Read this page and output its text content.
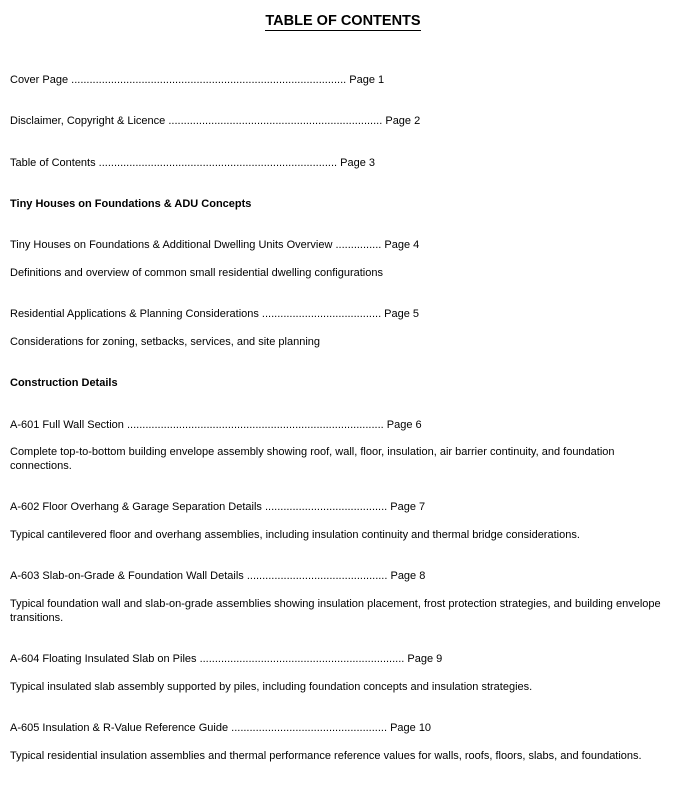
TABLE OF CONTENTS
Cover Page .......................................................................................... Page 1
Disclaimer, Copyright & Licence ...................................................................... Page 2
Table of Contents .............................................................................. Page 3
Tiny Houses on Foundations & ADU Concepts
Tiny Houses on Foundations & Additional Dwelling Units Overview ............... Page 4
Definitions and overview of common small residential dwelling configurations
Residential Applications & Planning Considerations ....................................... Page 5
Considerations for zoning, setbacks, services, and site planning
Construction Details
A-601 Full Wall Section .................................................................................... Page 6
Complete top-to-bottom building envelope assembly showing roof, wall, floor, insulation, air barrier continuity, and foundation connections.
A-602 Floor Overhang & Garage Separation Details ........................................ Page 7
Typical cantilevered floor and overhang assemblies, including insulation continuity and thermal bridge considerations.
A-603 Slab-on-Grade & Foundation Wall Details .............................................. Page 8
Typical foundation wall and slab-on-grade assemblies showing insulation placement, frost protection strategies, and building envelope transitions.
A-604 Floating Insulated Slab on Piles ................................................................... Page 9
Typical insulated slab assembly supported by piles, including foundation concepts and insulation strategies.
A-605 Insulation & R-Value Reference Guide ................................................... Page 10
Typical residential insulation assemblies and thermal performance reference values for walls, roofs, floors, slabs, and foundations.
